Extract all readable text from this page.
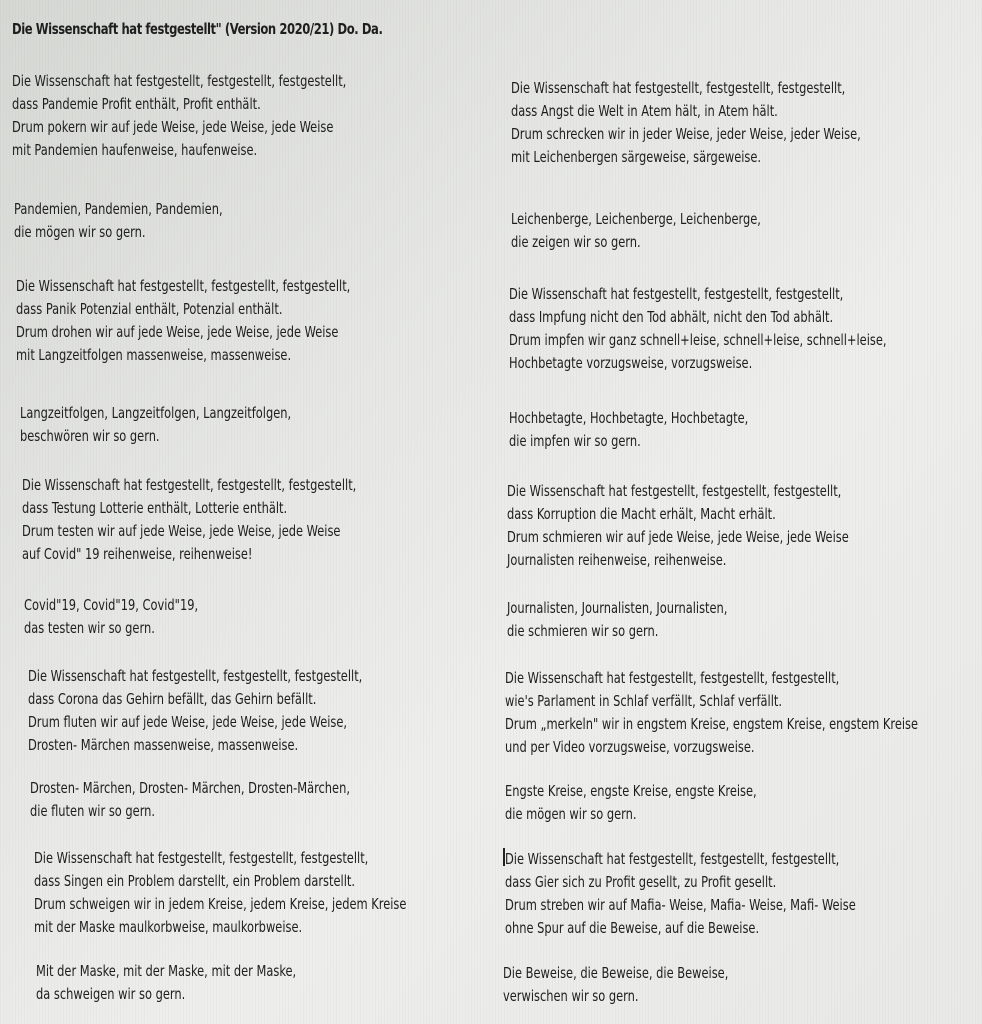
Die Wissenschaft hat festgestellt" (Version 2020/21) Do. Da.
Die Wissenschaft hat festgestellt, festgestellt, festgestellt,
dass Pandemie Profit enthält, Profit enthält.
Drum pokern wir auf jede Weise, jede Weise, jede Weise
mit Pandemien haufenweise, haufenweise.
Pandemien, Pandemien, Pandemien,
die mögen wir so gern.
Die Wissenschaft hat festgestellt, festgestellt, festgestellt,
dass Panik Potenzial enthält, Potenzial enthält.
Drum drohen wir auf jede Weise, jede Weise, jede Weise
mit Langzeitfolgen massenweise, massenweise.
Langzeitfolgen, Langzeitfolgen, Langzeitfolgen,
beschwören wir so gern.
Die Wissenschaft hat festgestellt, festgestellt, festgestellt,
dass Testung Lotterie enthält, Lotterie enthält.
Drum testen wir auf jede Weise, jede Weise, jede Weise
auf Covid" 19 reihenweise, reihenweise!
Covid"19, Covid"19, Covid"19,
das testen wir so gern.
Die Wissenschaft hat festgestellt, festgestellt, festgestellt,
dass Corona das Gehirn befällt, das Gehirn befällt.
Drum fluten wir auf jede Weise, jede Weise, jede Weise,
Drosten- Märchen massenweise, massenweise.
Drosten- Märchen, Drosten- Märchen, Drosten-Märchen,
die fluten wir so gern.
Die Wissenschaft hat festgestellt, festgestellt, festgestellt,
dass Singen ein Problem darstellt, ein Problem darstellt.
Drum schweigen wir in jedem Kreise, jedem Kreise, jedem Kreise
mit der Maske maulkorbweise, maulkorbweise.
Mit der Maske, mit der Maske, mit der Maske,
da schweigen wir so gern.
Die Wissenschaft hat festgestellt, festgestellt, festgestellt,
dass Angst die Welt in Atem hält, in Atem hält.
Drum schrecken wir in jeder Weise, jeder Weise, jeder Weise,
mit Leichenbergen särgeweise, särgeweise.
Leichenberge, Leichenberge, Leichenberge,
die zeigen wir so gern.
Die Wissenschaft hat festgestellt, festgestellt, festgestellt,
dass Impfung nicht den Tod abhält, nicht den Tod abhält.
Drum impfen wir ganz schnell+leise, schnell+leise, schnell+leise,
Hochbetagte vorzugsweise, vorzugsweise.
Hochbetagte, Hochbetagte, Hochbetagte,
die impfen wir so gern.
Die Wissenschaft hat festgestellt, festgestellt, festgestellt,
dass Korruption die Macht erhält, Macht erhält.
Drum schmieren wir auf jede Weise, jede Weise, jede Weise
Journalisten reihenweise, reihenweise.
Journalisten, Journalisten, Journalisten,
die schmieren wir so gern.
Die Wissenschaft hat festgestellt, festgestellt, festgestellt,
wie's Parlament in Schlaf verfällt, Schlaf verfällt.
Drum „merkeln" wir in engstem Kreise, engstem Kreise, engstem Kreise
und per Video vorzugsweise, vorzugsweise.
Engste Kreise, engste Kreise, engste Kreise,
die mögen wir so gern.
Die Wissenschaft hat festgestellt, festgestellt, festgestellt,
dass Gier sich zu Profit gesellt, zu Profit gesellt.
Drum streben wir auf Mafia- Weise, Mafia- Weise, Mafi- Weise
ohne Spur auf die Beweise, auf die Beweise.
Die Beweise, die Beweise, die Beweise,
verwischen wir so gern.
